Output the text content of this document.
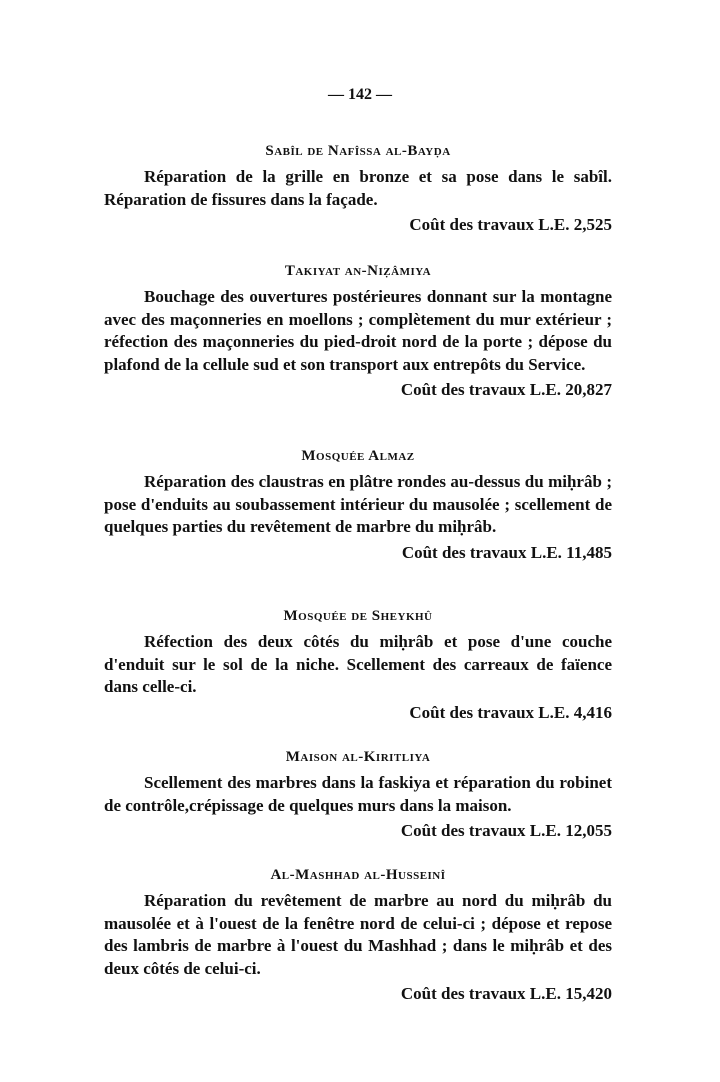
— 142 —
Sabîl de Nafîssa al-Bayḍa
Réparation de la grille en bronze et sa pose dans le sabîl. Réparation de fissures dans la façade.
Coût des travaux L.E. 2,525
Takiyat an-Niẓâmiya
Bouchage des ouvertures postérieures donnant sur la montagne avec des maçonneries en moellons ; complètement du mur extérieur ; réfection des maçonneries du pied-droit nord de la porte ; dépose du plafond de la cellule sud et son transport aux entrepôts du Service.
Coût des travaux L.E. 20,827
Mosquée Almaz
Réparation des claustras en plâtre rondes au-dessus du miḥrâb ; pose d'enduits au soubassement intérieur du mausolée ; scellement de quelques parties du revêtement de marbre du miḥrâb.
Coût des travaux L.E. 11,485
Mosquée de Sheykhû
Réfection des deux côtés du miḥrâb et pose d'une couche d'enduit sur le sol de la niche. Scellement des carreaux de faïence dans celle-ci.
Coût des travaux L.E. 4,416
Maison al-Kiritliya
Scellement des marbres dans la faskiya et réparation du robinet de contrôle,crépissage de quelques murs dans la maison.
Coût des travaux L.E. 12,055
Al-Mashhad al-Husseinî
Réparation du revêtement de marbre au nord du miḥrâb du mausolée et à l'ouest de la fenêtre nord de celui-ci ; dépose et repose des lambris de marbre à l'ouest du Mashhad ; dans le miḥrâb et des deux côtés de celui-ci.
Coût des travaux L.E. 15,420
